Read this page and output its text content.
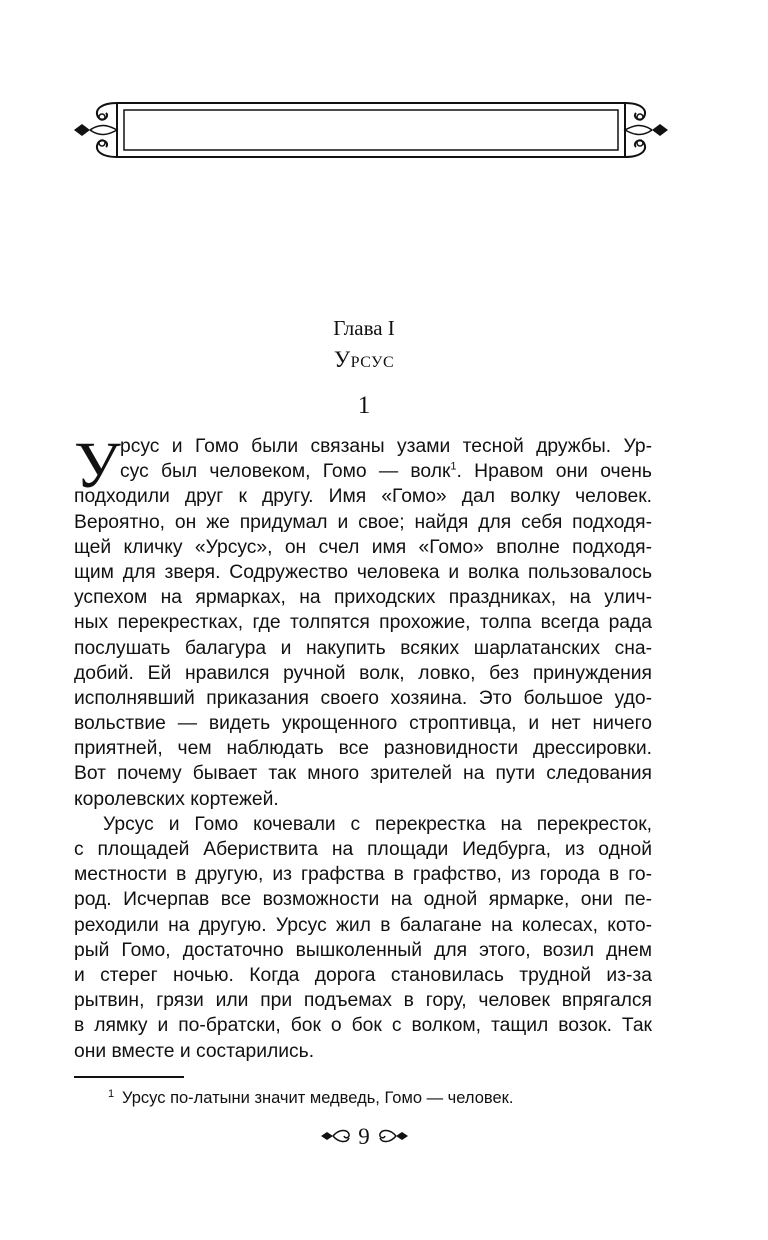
Глава I
Урсус
1
У рсус и Гомо были связаны узами тесной дружбы. Ур-
сус был человеком, Гомо — волк$^1$. Нравом они очень
подходили друг к другу. Имя «Гомо» дал волку человек.
Вероятно, он же придумал и свое; найдя для себя подходя-
щей кличку «Урсус», он счел имя «Гомо» вполне подходя-
щим для зверя. Содружество человека и волка пользовалось
успехом на ярмарках, на приходских праздниках, на улич-
ных перекрестках, где толпятся прохожие, толпа всегда рада
послушать балагура и накупить всяких шарлатанских сна-
добий. Ей нравился ручной волк, ловко, без принуждения
исполнявший приказания своего хозяина. Это большое удо-
вольствие — видеть укрощенного строптивца, и нет ничего
приятней, чем наблюдать все разновидности дрессировки.
Вот почему бывает так много зрителей на пути следования
королевских кортежей.
Урсус и Гомо кочевали с перекрестка на перекресток,
с площадей Абериствита на площади Иедбурга, из одной
местности в другую, из графства в графство, из города в го-
род. Исчерпав все возможности на одной ярмарке, они пе-
реходили на другую. Урсус жил в балагане на колесах, кото-
рый Гомо, достаточно вышколенный для этого, возил днем
и стерег ночью. Когда дорога становилась трудной из-за
рытвин, грязи или при подъемах в гору, человек впрягался
в лямку и по-братски, бок о бок с волком, тащил возок. Так
они вместе и состарились.
1 Урсус по-латыни значит медведь, Гомо — человек.
9
